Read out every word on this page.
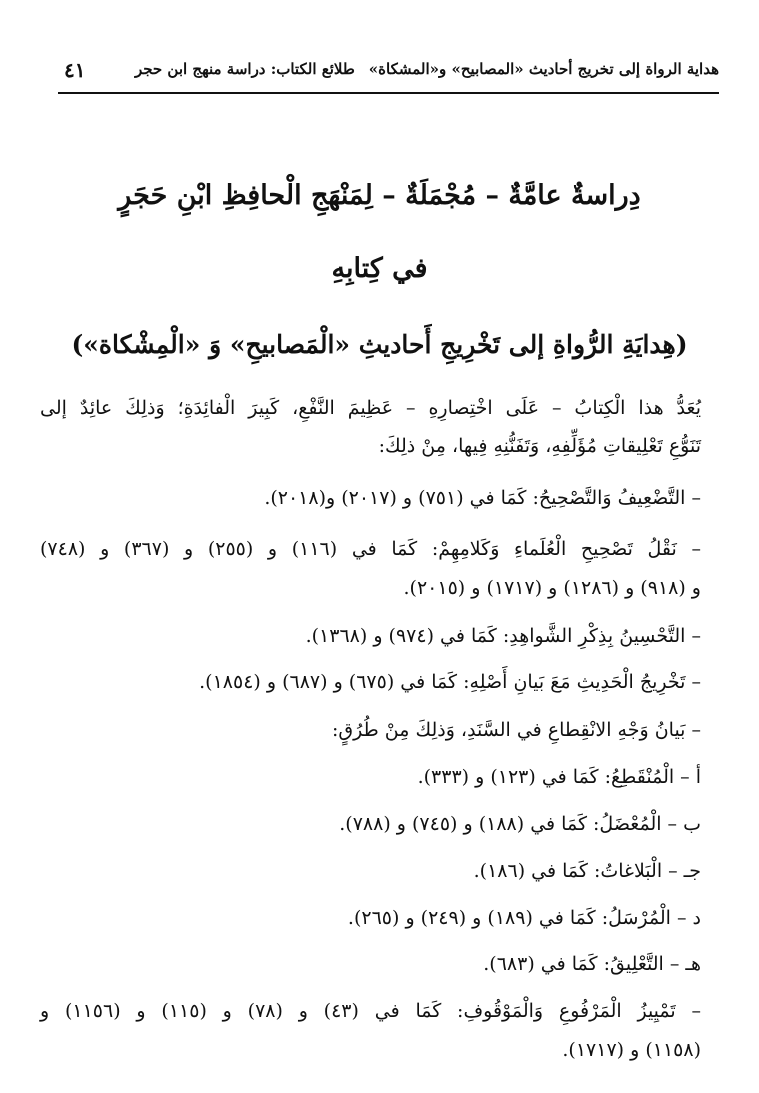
هداية الرواة إلى تخريج أحاديث «المصابيح» و«المشكاة»طلائع الكتاب: دراسة منهج ابن حجر
٤١
دِراسةٌ عامَّةٌ – مُجْمَلَةٌ – لِمَنْهَجِ الْحافِظِ ابْنِ حَجَرٍ
في كِتابِهِ
(هِدايَةِ الرُّواةِ إلى تَخْرِيجِ أَحاديثِ «الْمَصابيحِ» وَ «الْمِشْكاة»)
يُعَدُّ هذا الْكِتابُ – عَلَى اخْتِصارِهِ – عَظِيمَ النَّفْعِ، كَبِيرَ الْفائِدَةِ؛ وَذلِكَ عائِدٌ إلى
تَنَوُّعِ تَعْلِيقاتِ مُؤَلِّفِهِ، وَتَفَنُّنِهِ فِيها، مِنْ ذلِكَ:
– التَّضْعِيفُ وَالتَّصْحِيحُ: كَمَا في (٧٥١) و (٢٠١٧) و(٢٠١٨).
– نَقْلُ تَصْحِيحِ الْعُلَماءِ وَكَلامِهِمْ: كَمَا في (١١٦) و (٢٥٥) و (٣٦٧) و (٧٤٨)
و (٩١٨) و (١٢٨٦) و (١٧١٧) و (٢٠١٥).
– التَّحْسِينُ بِذِكْرِ الشَّواهِدِ: كَمَا في (٩٧٤) و (١٣٦٨).
– تَخْرِيجُ الْحَدِيثِ مَعَ بَيانِ أَصْلِهِ: كَمَا في (٦٧٥) و (٦٨٧) و (١٨٥٤).
– بَيانُ وَجْهِ الانْقِطاعِ في السَّنَدِ، وَذلِكَ مِنْ طُرُقٍ:
أ – الْمُنْقَطِعُ: كَمَا في (١٢٣) و (٣٣٣).
ب – الْمُعْضَلُ: كَمَا في (١٨٨) و (٧٤٥) و (٧٨٨).
جـ – الْبَلاغاتُ: كَمَا في (١٨٦).
د – الْمُرْسَلُ: كَمَا في (١٨٩) و (٢٤٩) و (٢٦٥).
هـ – التَّعْلِيقُ: كَمَا في (٦٨٣).
– تَمْيِيزُ الْمَرْفُوعِ وَالْمَوْقُوفِ: كَمَا في (٤٣) و (٧٨) و (١١٥) و (١١٥٦) و
(١١٥٨) و (١٧١٧).
